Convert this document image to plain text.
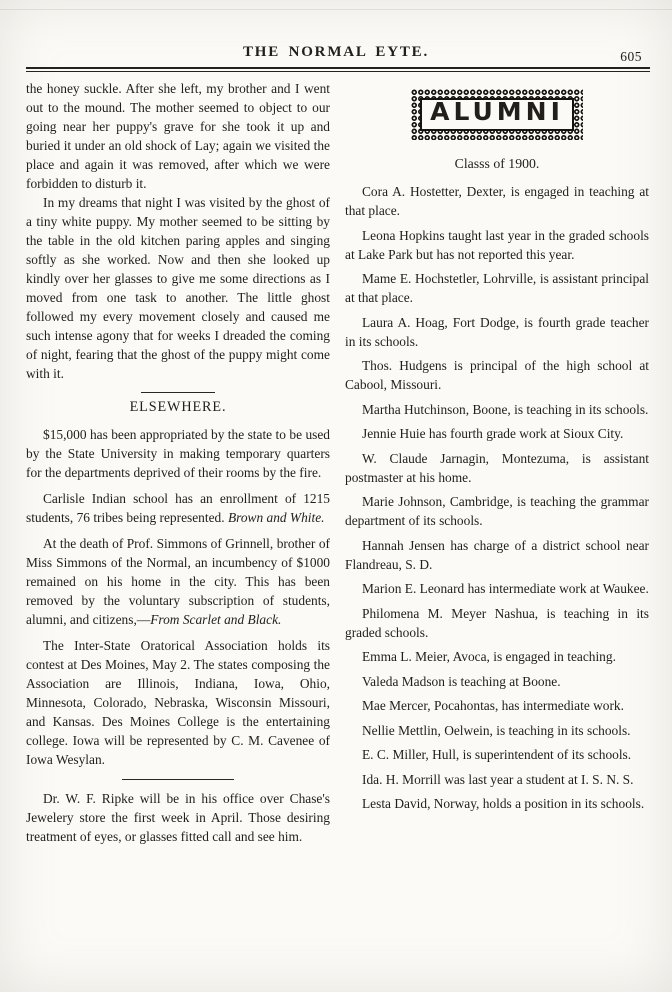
THE NORMAL EYTE.	605

the honey suckle. After she left, my brother and I went out to the mound. The mother seemed to object to our going near her puppy's grave for she took it up and buried it under an old shock of Lay; again we visited the place and again it was removed, after which we were forbidden to disturb it.

In my dreams that night I was visited by the ghost of a tiny white puppy. My mother seemed to be sitting by the table in the old kitchen paring apples and singing softly as she worked. Now and then she looked up kindly over her glasses to give me some directions as I moved from one task to another. The little ghost followed my every movement closely and caused me such intense agony that for weeks I dreaded the coming of night, fearing that the ghost of the puppy might come with it.

ELSEWHERE.

$15,000 has been appropriated by the state to be used by the State University in making temporary quarters for the departments deprived of their rooms by the fire.

Carlisle Indian school has an enrollment of 1215 students, 76 tribes being represented. Brown and White.

At the death of Prof. Simmons of Grinnell, brother of Miss Simmons of the Normal, an incumbency of $1000 remained on his home in the city. This has been removed by the voluntary subscription of students, alumni, and citizens,—From Scarlet and Black.

The Inter-State Oratorical Association holds its contest at Des Moines, May 2. The states composing the Association are Illinois, Indiana, Iowa, Ohio, Minnesota, Colorado, Nebraska, Wisconsin Missouri, and Kansas. Des Moines College is the entertaining college. Iowa will be represented by C. M. Cavenee of Iowa Wesylan.

Dr. W. F. Ripke will be in his office over Chase's Jewelery store the first week in April. Those desiring treatment of eyes, or glasses fitted call and see him.

ALUMNI
Classs of 1900.

Cora A. Hostetter, Dexter, is engaged in teaching at that place.

Leona Hopkins taught last year in the graded schools at Lake Park but has not reported this year.

Mame E. Hochstetler, Lohrville, is assistant principal at that place.

Laura A. Hoag, Fort Dodge, is fourth grade teacher in its schools.

Thos. Hudgens is principal of the high school at Cabool, Missouri.

Martha Hutchinson, Boone, is teaching in its schools.

Jennie Huie has fourth grade work at Sioux City.

W. Claude Jarnagin, Montezuma, is assistant postmaster at his home.

Marie Johnson, Cambridge, is teaching the grammar department of its schools.

Hannah Jensen has charge of a district school near Flandreau, S. D.

Marion E. Leonard has intermediate work at Waukee.

Philomena M. Meyer Nashua, is teaching in its graded schools.

Emma L. Meier, Avoca, is engaged in teaching.

Valeda Madson is teaching at Boone.

Mae Mercer, Pocahontas, has intermediate work.

Nellie Mettlin, Oelwein, is teaching in its schools.

E. C. Miller, Hull, is superintendent of its schools.

Ida. H. Morrill was last year a student at I. S. N. S.

Lesta David, Norway, holds a position in its schools.
